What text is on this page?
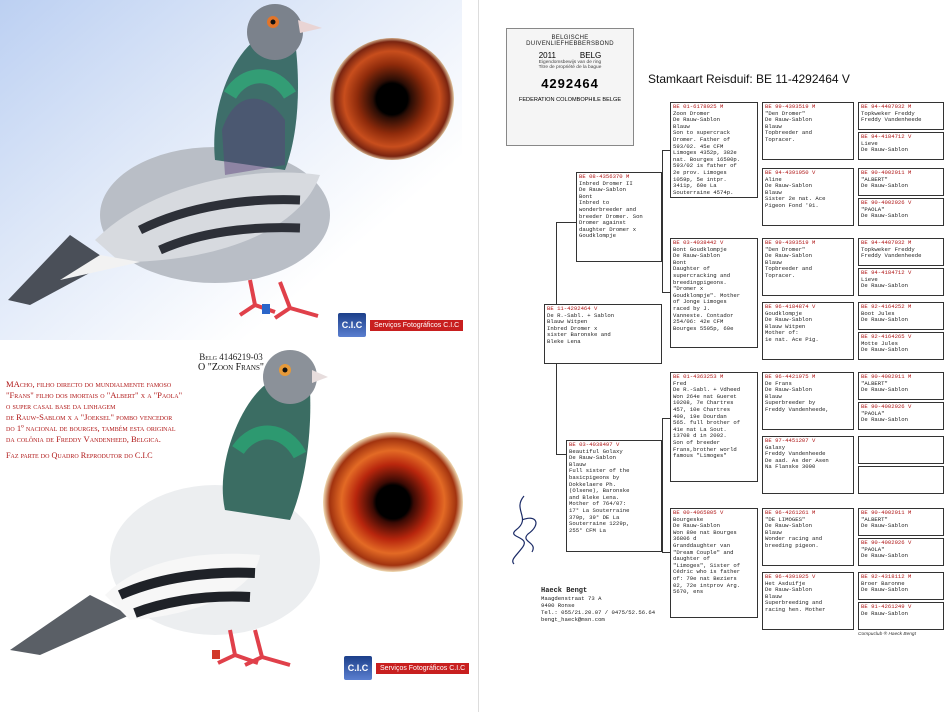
C.I.C	Serviços Fotográficos C.I.C
Belg 4146219-03
O "Zoon Frans"
MAcho, filho directo do mundialmente famoso
"Frans" filho dos imortais o "Albert" x a "Paola"
o super casal base da linhagem
de Rauw-Sablom x a "Joeksel" pombo vencedor
do 1º nacional de bourges, também esta original
da colônia de Freddy Vandenheed, Belgica.
Faz parte do Quadro Reprodutor do C.I.C
C.I.C	Serviços Fotográficos C.I.C
BELGISCHE DUIVENLIEFHEBBERSBOND
2011	BELG
Eigendomsbewijs van de ring
Titre de propriété de la bague
4292464
FEDERATION COLOMBOPHILE BELGE
Stamkaart Reisduif: BE 11-4292464 V
BE 11-4292464 V
De R.-Sabl. + Sablon
Blauw Witpen
Inbred Dromer x
sister Baronske and
Bleke Lena
BE 08-4356370 M
Inbred Dromer II
De Rauw-Sablon
Bont
Inbred to
wonderbreeder and
breeder Dromer. Son
Dromer against
daughter Dromer x
Goudklompje
BE 03-4038497 V
Beautiful Golaxy
De Rauw-Sablon
Blauw
Full sister of the
basicpigeons by
Dokkelaere Ph.
(Olsene), Baronske
and Bleke Lena.
Mother of 764/07:
17° La Souterraine
379p, 39° DE La
Souterraine 1229p,
255° CFM La
BE 01-6178925 M
Zoon Dromer
De Rauw-Sablon
Blauw
Son to supercrack
Dromer. Father of
593/02. 45e CFM
Limoges 4352p, 382e
nat. Bourges 16500p.
593/02 is father of
2e prov. Limoges
1059p, 5e intpr.
3411p, 60e La
Souterraine 4574p.
BE 03-4038442 V
Bont Goudklompje
De Rauw-Sablon
Bont
Daughter of
supercracking and
breedingpigeons.
"Dromer x
Goudklompje". Mother
of Jonge Limoges
raced by J.
Vanneste. Contador
254/06: 42e CFM
Bourges 5505p, 60e
BE 01-4363253 M
Fred
De R.-Sabl. + Vdheed
Won 264e nat Gueret
10208, 7e Chartres
457, 10e Chartres
400, 19e Dourdan
565. full brother of
41e nat La Sout.
13708 d in 2002.
Son of breeder
Frans,brother world
famous "Limoges"
BE 00-4065805 V
Bourgeske
De Rauw-Sablon
Won 80e nat Bourges
36806 d
Granddaughter van
"Dream Couple" and
daughter of
"Limoges", Sister of
Cédric who is father
of: 79e nat Beziers
02, 72e intprov Arg.
5670, ens
BE 99-4393519 M
"Den Dromer"
De Rauw-Sablon
Blauw
Topbreeder and
Topracer.
BE 94-4391950 V
Aline
De Rauw-Sablon
Blauw
Sister 2e nat. Ace
Pigeon Fond '01.
BE 99-4393519 M
"Den Dromer"
De Rauw-Sablon
Blauw
Topbreeder and
Topracer.
BE 96-4184874 V
Goudklompje
De Rauw-Sablon
Blauw Witpen
Mother of:
1e nat. Ace Pig.
BE 96-4421975 M
De Frans
De Rauw-Sablon
Blauw
Superbreeder by
Freddy Vandenheede,
BE 97-4451207 V
Galaxy
Freddy Vandenheede
De aad. As der Asen
Na Flanske 3000
BE 96-4261261 M
"DE LIMOGES"
De Rauw-Sablon
Blauw
Wonder racing and
breeding pigeon.
BE 96-4391925 V
Het Asduifje
De Rauw-Sablon
Blauw
Superbreeding and
racing hen. Mother
BE 94-4407032 M
Topkweker Freddy
Freddy Vandenheede
BE 94-4184712 V
Lieve
De Rauw-Sablon
BE 90-4002911 M
"ALBERT"
De Rauw-Sablon
BE 90-4002926 V
"PAOLA"
De Rauw-Sablon
BE 94-4407032 M
Topkweker Freddy
Freddy Vandenheede
BE 94-4184712 V
Lieve
De Rauw-Sablon
BE 92-4164252 M
Boot Jules
De Rauw-Sablon
BE 92-4164265 V
Motte Jules
De Rauw-Sablon
BE 90-4002911 M
"ALBERT"
De Rauw-Sablon
BE 90-4002926 V
"PAOLA"
De Rauw-Sablon
BE 90-4002911 M
"ALBERT"
De Rauw-Sablon
BE 90-4002926 V
"PAOLA"
De Rauw-Sablon
BE 92-4318112 M
Broer Baronne
De Rauw-Sablon
BE 91-4261249 V
De Rauw-Sablon
Haeck Bengt
Maagdenstraat 73 A
9400 Ronse
Tel.: 055/21.20.07 / 0475/52.56.64
bengt_haeck@msn.com
Compuclub ® Haeck Bengt
